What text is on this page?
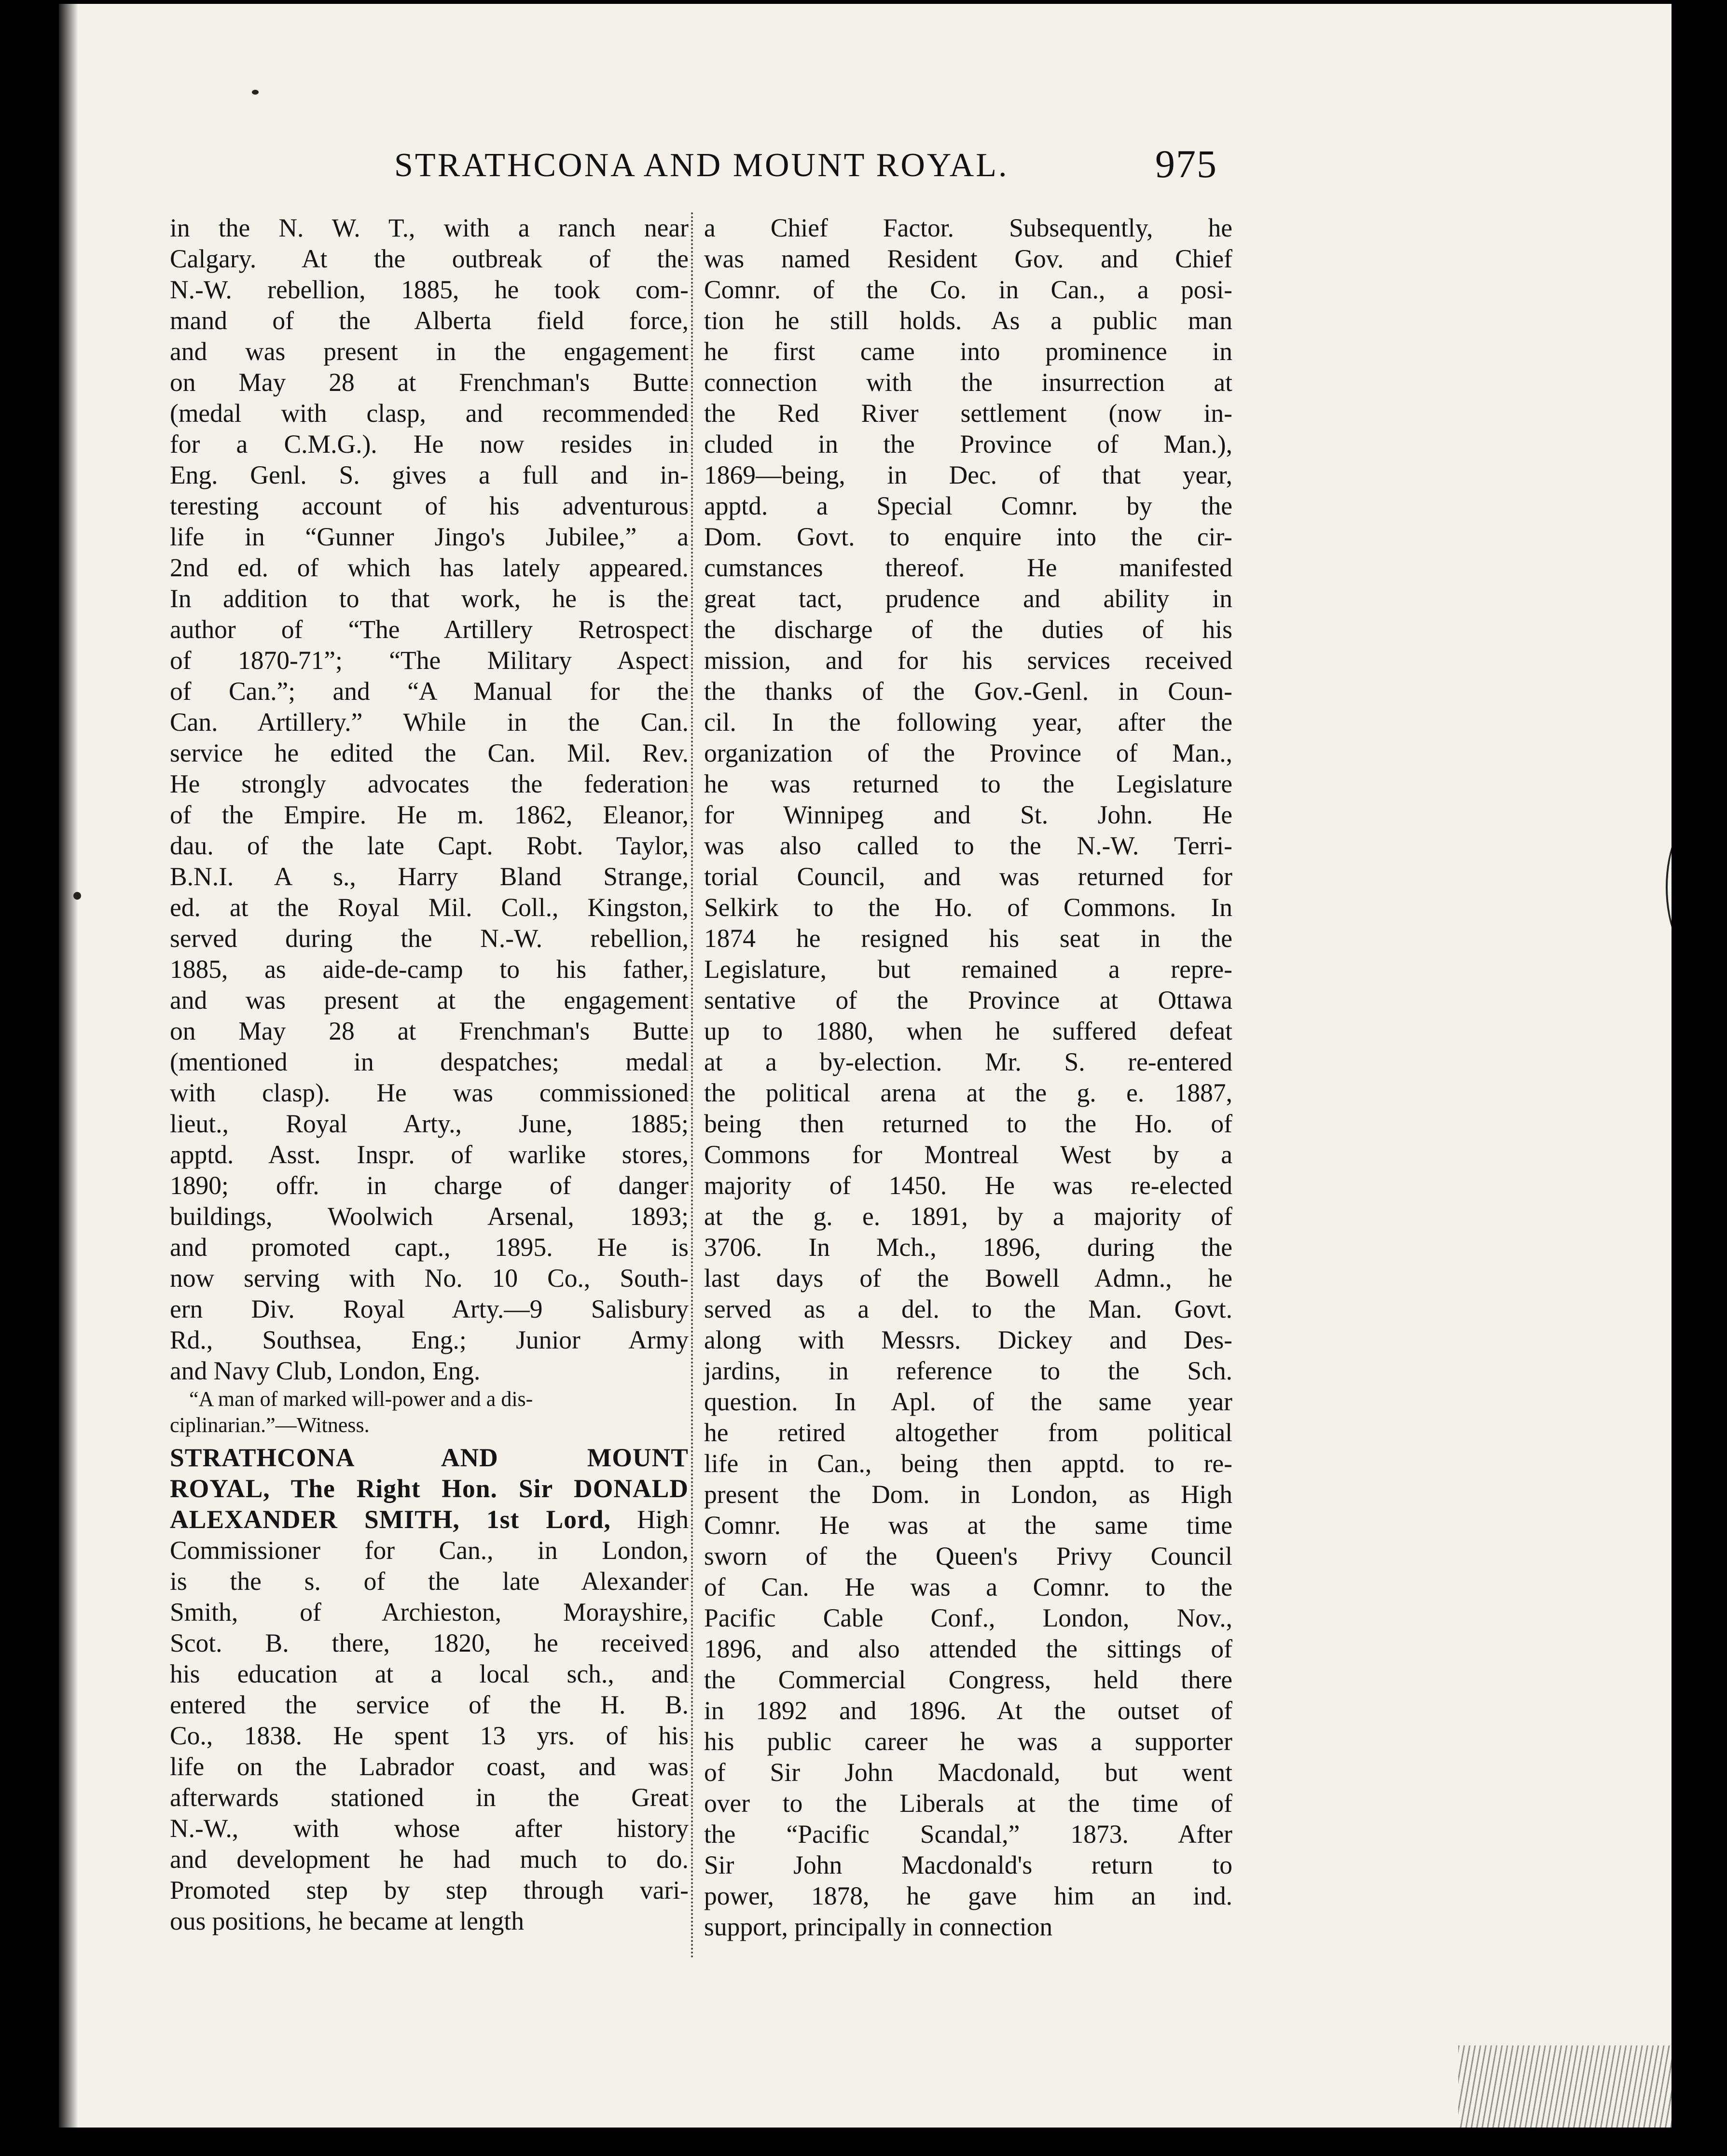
STRATHCONA AND MOUNT ROYAL.	975
in the N. W. T., with a ranch near
Calgary. At the outbreak of the
N.-W. rebellion, 1885, he took com-
mand of the Alberta field force,
and was present in the engagement
on May 28 at Frenchman's Butte
(medal with clasp, and recommended
for a C.M.G.). He now resides in
Eng. Genl. S. gives a full and in-
teresting account of his adventurous
life in “Gunner Jingo's Jubilee,” a
2nd ed. of which has lately appeared.
In addition to that work, he is the
author of “The Artillery Retrospect
of 1870-71”; “The Military Aspect
of Can.”; and “A Manual for the
Can. Artillery.” While in the Can.
service he edited the Can. Mil. Rev.
He strongly advocates the federation
of the Empire. He m. 1862, Eleanor,
dau. of the late Capt. Robt. Taylor,
B.N.I. A s., Harry Bland Strange,
ed. at the Royal Mil. Coll., Kingston,
served during the N.-W. rebellion,
1885, as aide-de-camp to his father,
and was present at the engagement
on May 28 at Frenchman's Butte
(mentioned in despatches; medal
with clasp). He was commissioned
lieut., Royal Arty., June, 1885;
apptd. Asst. Inspr. of warlike stores,
1890; offr. in charge of danger
buildings, Woolwich Arsenal, 1893;
and promoted capt., 1895. He is
now serving with No. 10 Co., South-
ern Div. Royal Arty.—9 Salisbury
Rd., Southsea, Eng.; Junior Army
and Navy Club, London, Eng.
“A man of marked will-power and a dis-
ciplinarian.”—Witness.
STRATHCONA AND MOUNT
ROYAL, The Right Hon. Sir DONALD
ALEXANDER SMITH, 1st Lord, High
Commissioner for Can., in London,
is the s. of the late Alexander
Smith, of Archieston, Morayshire,
Scot. B. there, 1820, he received
his education at a local sch., and
entered the service of the H. B.
Co., 1838. He spent 13 yrs. of his
life on the Labrador coast, and was
afterwards stationed in the Great
N.-W., with whose after history
and development he had much to do.
Promoted step by step through vari-
ous positions, he became at length
a Chief Factor. Subsequently, he
was named Resident Gov. and Chief
Comnr. of the Co. in Can., a posi-
tion he still holds. As a public man
he first came into prominence in
connection with the insurrection at
the Red River settlement (now in-
cluded in the Province of Man.),
1869—being, in Dec. of that year,
apptd. a Special Comnr. by the
Dom. Govt. to enquire into the cir-
cumstances thereof. He manifested
great tact, prudence and ability in
the discharge of the duties of his
mission, and for his services received
the thanks of the Gov.-Genl. in Coun-
cil. In the following year, after the
organization of the Province of Man.,
he was returned to the Legislature
for Winnipeg and St. John. He
was also called to the N.-W. Terri-
torial Council, and was returned for
Selkirk to the Ho. of Commons. In
1874 he resigned his seat in the
Legislature, but remained a repre-
sentative of the Province at Ottawa
up to 1880, when he suffered defeat
at a by-election. Mr. S. re-entered
the political arena at the g. e. 1887,
being then returned to the Ho. of
Commons for Montreal West by a
majority of 1450. He was re-elected
at the g. e. 1891, by a majority of
3706. In Mch., 1896, during the
last days of the Bowell Admn., he
served as a del. to the Man. Govt.
along with Messrs. Dickey and Des-
jardins, in reference to the Sch.
question. In Apl. of the same year
he retired altogether from political
life in Can., being then apptd. to re-
present the Dom. in London, as High
Comnr. He was at the same time
sworn of the Queen's Privy Council
of Can. He was a Comnr. to the
Pacific Cable Conf., London, Nov.,
1896, and also attended the sittings of
the Commercial Congress, held there
in 1892 and 1896. At the outset of
his public career he was a supporter
of Sir John Macdonald, but went
over to the Liberals at the time of
the “Pacific Scandal,” 1873. After
Sir John Macdonald's return to
power, 1878, he gave him an ind.
support, principally in connection
